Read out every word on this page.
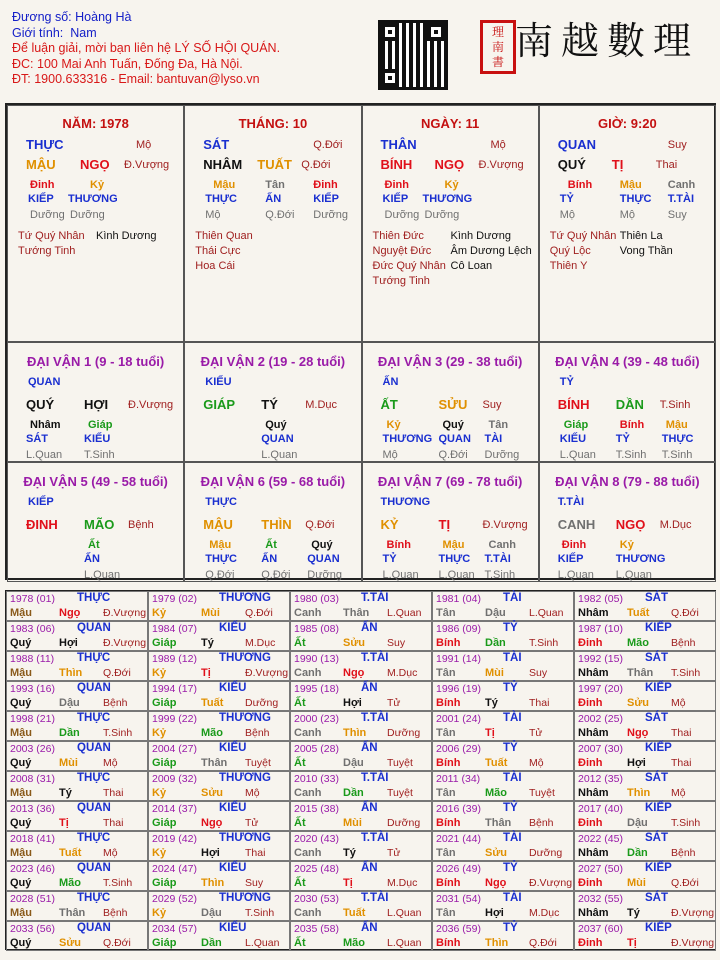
Đương số: Hoàng Hà
Giới tính: Nam
Để luận giải, mời bạn liên hệ LÝ SỐ HỘI QUÁN.
ĐC: 100 Mai Anh Tuấn, Đống Đa, Hà Nội.
ĐT: 1900.633316 - Email: bantuvan@lyso.vn
理
南
書 南越數理
NĂM: 1978
THỰC	Mộ
MẬU NGỌ Đ.Vượng
Đinh	Kỷ
KIẾP THƯƠNG
Dưỡng Dưỡng
Tứ Quý Nhân
Tướng Tinh
Kình Dương
THÁNG: 10
SÁT	Q.Đới
NHÂM TUẤT Q.Đới
Mậu	Tân	Đinh
THỰC	ẤN	KIẾP
Mộ	Q.Đới Dưỡng
Thiên Quan
Thái Cực
Hoa Cái
NGÀY: 11
THÂN	Mộ
BÍNH NGỌ Đ.Vượng
Đinh	Kỷ
KIẾP THƯƠNG
Dưỡng Dưỡng
Thiên Đức
Nguyệt Đức
Đức Quý Nhân
Tướng Tinh
Kình Dương
Âm Dương Lệch
Cô Loan
GIỜ: 9:20
QUAN	Suy
QUÝ TỊ	Thai
Bính	Mậu Canh
TỶ	THỰC T.TÀI
Mộ	Mộ	Suy
Tứ Quý Nhân
Quý Lộc
Thiên Y
Thiên La
Vong Thần
ĐẠI VẬN 1 (9 - 18 tuổi)
QUAN
QUÝ HỢI Đ.Vượng
Nhâm Giáp
SÁT	KIẾU
L.Quan T.Sinh
ĐẠI VẬN 2 (19 - 28 tuổi)
KIẾU
GIÁP TÝ M.Dục
Quý
QUAN
L.Quan
ĐẠI VẬN 3 (29 - 38 tuổi)
ẤN
ẤT	SỬU Suy
Kỷ	Quý Tân
THƯƠNG QUAN TÀI
Mộ	Q.Đới Dưỡng
ĐẠI VẬN 4 (39 - 48 tuổi)
TỶ
BÍNH DẦN T.Sinh
Giáp	Bính Mậu
KIẾU	TỶ	THỰC
L.Quan T.Sinh T.Sinh
ĐẠI VẬN 5 (49 - 58 tuổi)
KIẾP
ĐINH MÃO Bệnh
Ất
ẤN
L.Quan
ĐẠI VẬN 6 (59 - 68 tuổi)
THỰC
MẬU THÌN Q.Đới
Mậu	Ất	Quý
THỰC ẤN	QUAN
Q.Đới Q.Đới Dưỡng
ĐẠI VẬN 7 (69 - 78 tuổi)
THƯƠNG
KỶ	TỊ	Đ.Vượng
Bính	Mậu Canh
TỶ	THỰC T.TÀI
L.Quan L.Quan T.Sinh
ĐẠI VẬN 8 (79 - 88 tuổi)
T.TÀI
CANH NGỌ M.Dục
Đinh	Kỷ
KIẾP	THƯƠNG
L.Quan L.Quan
1978 (01) THỰC
Mậu Ngọ Đ.Vượng
1979 (02) THƯƠNG
Kỷ	Mùi Q.Đới
1980 (03) T.TÀI
Canh Thân L.Quan
1981 (04) TÀI
Tân	Dậu L.Quan
1982 (05) SÁT
Nhâm Tuất Q.Đới
1983 (06) QUAN
Quý	Hợi Đ.Vượng
1984 (07) KIẾU
Giáp Tý	M.Dục
1985 (08) ẤN
Ất	Sửu Suy
1986 (09) TỶ
Bính Dần T.Sinh
1987 (10) KIẾP
Đinh Mão Bệnh
1988 (11) THỰC
Mậu Thìn Q.Đới
1989 (12) THƯƠNG
Kỷ	Tị	Đ.Vượng
1990 (13) T.TÀI
Canh Ngọ M.Dục
1991 (14) TÀI
Tân	Mùi Suy
1992 (15) SÁT
Nhâm Thân T.Sinh
1993 (16) QUAN
Quý	Dậu Bệnh
1994 (17) KIẾU
Giáp Tuất Dưỡng
1995 (18) ẤN
Ất	Hợi Tử
1996 (19) TỶ
Bính Tý	Thai
1997 (20) KIẾP
Đinh Sửu Mộ
1998 (21) THỰC
Mậu Dần T.Sinh
1999 (22) THƯƠNG
Kỷ	Mão Bệnh
2000 (23) T.TÀI
Canh Thìn Dưỡng
2001 (24) TÀI
Tân	Tị	Tử
2002 (25) SÁT
Nhâm Ngọ Thai
2003 (26) QUAN
Quý	Mùi Mộ
2004 (27) KIẾU
Giáp Thân Tuyệt
2005 (28) ẤN
Ất	Dậu Tuyệt
2006 (29) TỶ
Bính Tuất Mộ
2007 (30) KIẾP
Đinh Hợi Thai
2008 (31) THỰC
Mậu Tý	Thai
2009 (32) THƯƠNG
Kỷ	Sửu Mộ
2010 (33) T.TÀI
Canh Dần Tuyệt
2011 (34) TÀI
Tân	Mão Tuyệt
2012 (35) SÁT
Nhâm Thìn Mộ
2013 (36) QUAN
Quý	Tị	Thai
2014 (37) KIẾU
Giáp Ngọ Tử
2015 (38) ẤN
Ất	Mùi Dưỡng
2016 (39) TỶ
Bính Thân Bệnh
2017 (40) KIẾP
Đinh Dậu T.Sinh
2018 (41) THỰC
Mậu Tuất Mộ
2019 (42) THƯƠNG
Kỷ	Hợi Thai
2020 (43) T.TÀI
Canh Tý	Tử
2021 (44) TÀI
Tân	Sửu Dưỡng
2022 (45) SÁT
Nhâm Dần Bệnh
2023 (46) QUAN
Quý	Mão T.Sinh
2024 (47) KIẾU
Giáp Thìn Suy
2025 (48) ẤN
Ất	Tị	M.Dục
2026 (49) TỶ
Bính Ngọ Đ.Vượng
2027 (50) KIẾP
Đinh Mùi Q.Đới
2028 (51) THỰC
Mậu Thân Bệnh
2029 (52) THƯƠNG
Kỷ	Dậu T.Sinh
2030 (53) T.TÀI
Canh Tuất L.Quan
2031 (54) TÀI
Tân	Hợi M.Dục
2032 (55) SÁT
Nhâm Tý	Đ.Vượng
2033 (56) QUAN
Quý	Sửu Q.Đới
2034 (57) KIẾU
Giáp Dần L.Quan
2035 (58) ẤN
Ất	Mão L.Quan
2036 (59) TỶ
Bính Thìn Q.Đới
2037 (60) KIẾP
Đinh Tị	Đ.Vượng
